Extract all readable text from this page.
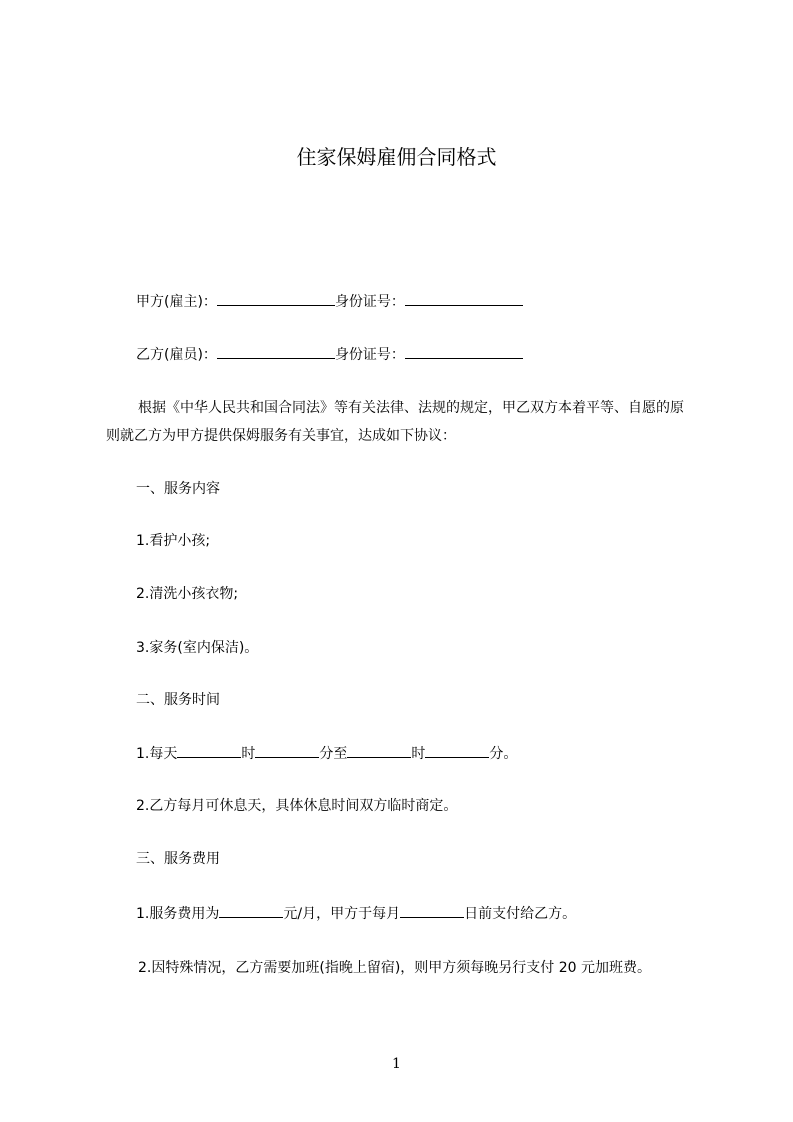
住家保姆雇佣合同格式
甲方(雇主)：	身份证号：
乙方(雇员)：	身份证号：
根据《中华人民共和国合同法》等有关法律、法规的规定，甲乙双方本着平等、自愿的原则就乙方为甲方提供保姆服务有关事宜，达成如下协议：
一、服务内容
1.看护小孩;
2.清洗小孩衣物;
3.家务(室内保洁)。
二、服务时间
1.每天	时	分至	时	分。
2.乙方每月可休息天，具体休息时间双方临时商定。
三、服务费用
1.服务费用为	元/月，甲方于每月	日前支付给乙方。
2.因特殊情况，乙方需要加班(指晚上留宿)，则甲方须每晚另行支付 20 元加班费。
1
